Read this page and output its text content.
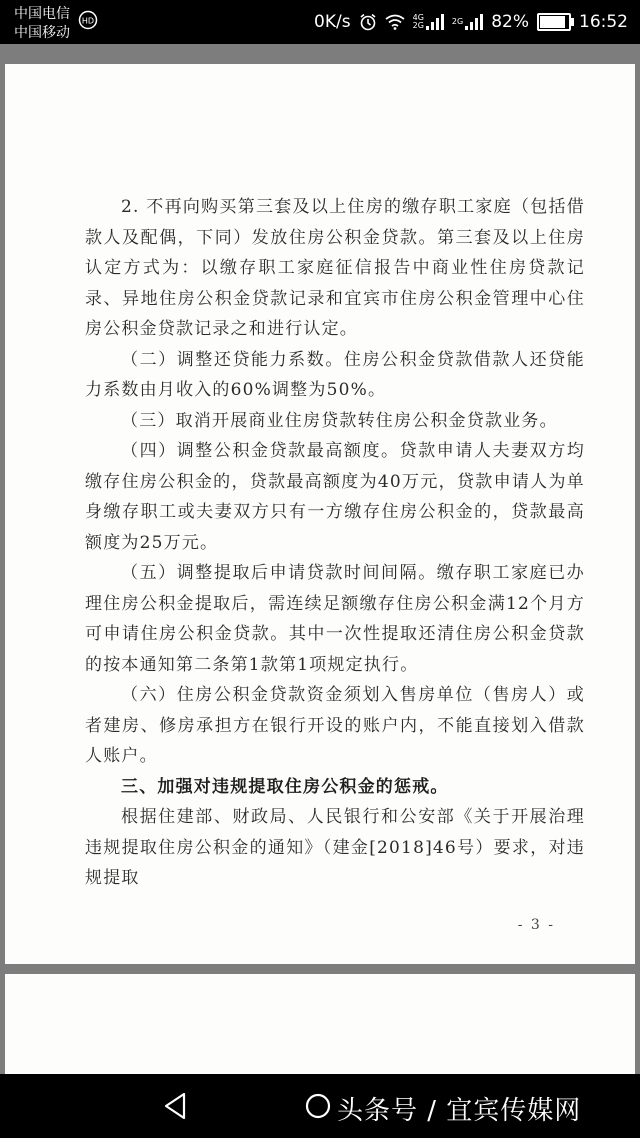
中国电信
中国移动
HD	0K/s	4G
2G	2G 82%	16:52

2. 不再向购买第三套及以上住房的缴存职工家庭（包括借款人及配偶，下同）发放住房公积金贷款。第三套及以上住房认定方式为：以缴存职工家庭征信报告中商业性住房贷款记录、异地住房公积金贷款记录和宜宾市住房公积金管理中心住房公积金贷款记录之和进行认定。

（二）调整还贷能力系数。住房公积金贷款借款人还贷能力系数由月收入的60%调整为50%。

（三）取消开展商业住房贷款转住房公积金贷款业务。

（四）调整公积金贷款最高额度。贷款申请人夫妻双方均缴存住房公积金的，贷款最高额度为40万元，贷款申请人为单身缴存职工或夫妻双方只有一方缴存住房公积金的，贷款最高额度为25万元。

（五）调整提取后申请贷款时间间隔。缴存职工家庭已办理住房公积金提取后，需连续足额缴存住房公积金满12个月方可申请住房公积金贷款。其中一次性提取还清住房公积金贷款的按本通知第二条第1款第1项规定执行。

（六）住房公积金贷款资金须划入售房单位（售房人）或者建房、修房承担方在银行开设的账户内，不能直接划入借款人账户。

三、加强对违规提取住房公积金的惩戒。

根据住建部、财政局、人民银行和公安部《关于开展治理违规提取住房公积金的通知》（建金[2018]46号）要求，对违规提取

- 3 -
头条号 / 宜宾传媒网
